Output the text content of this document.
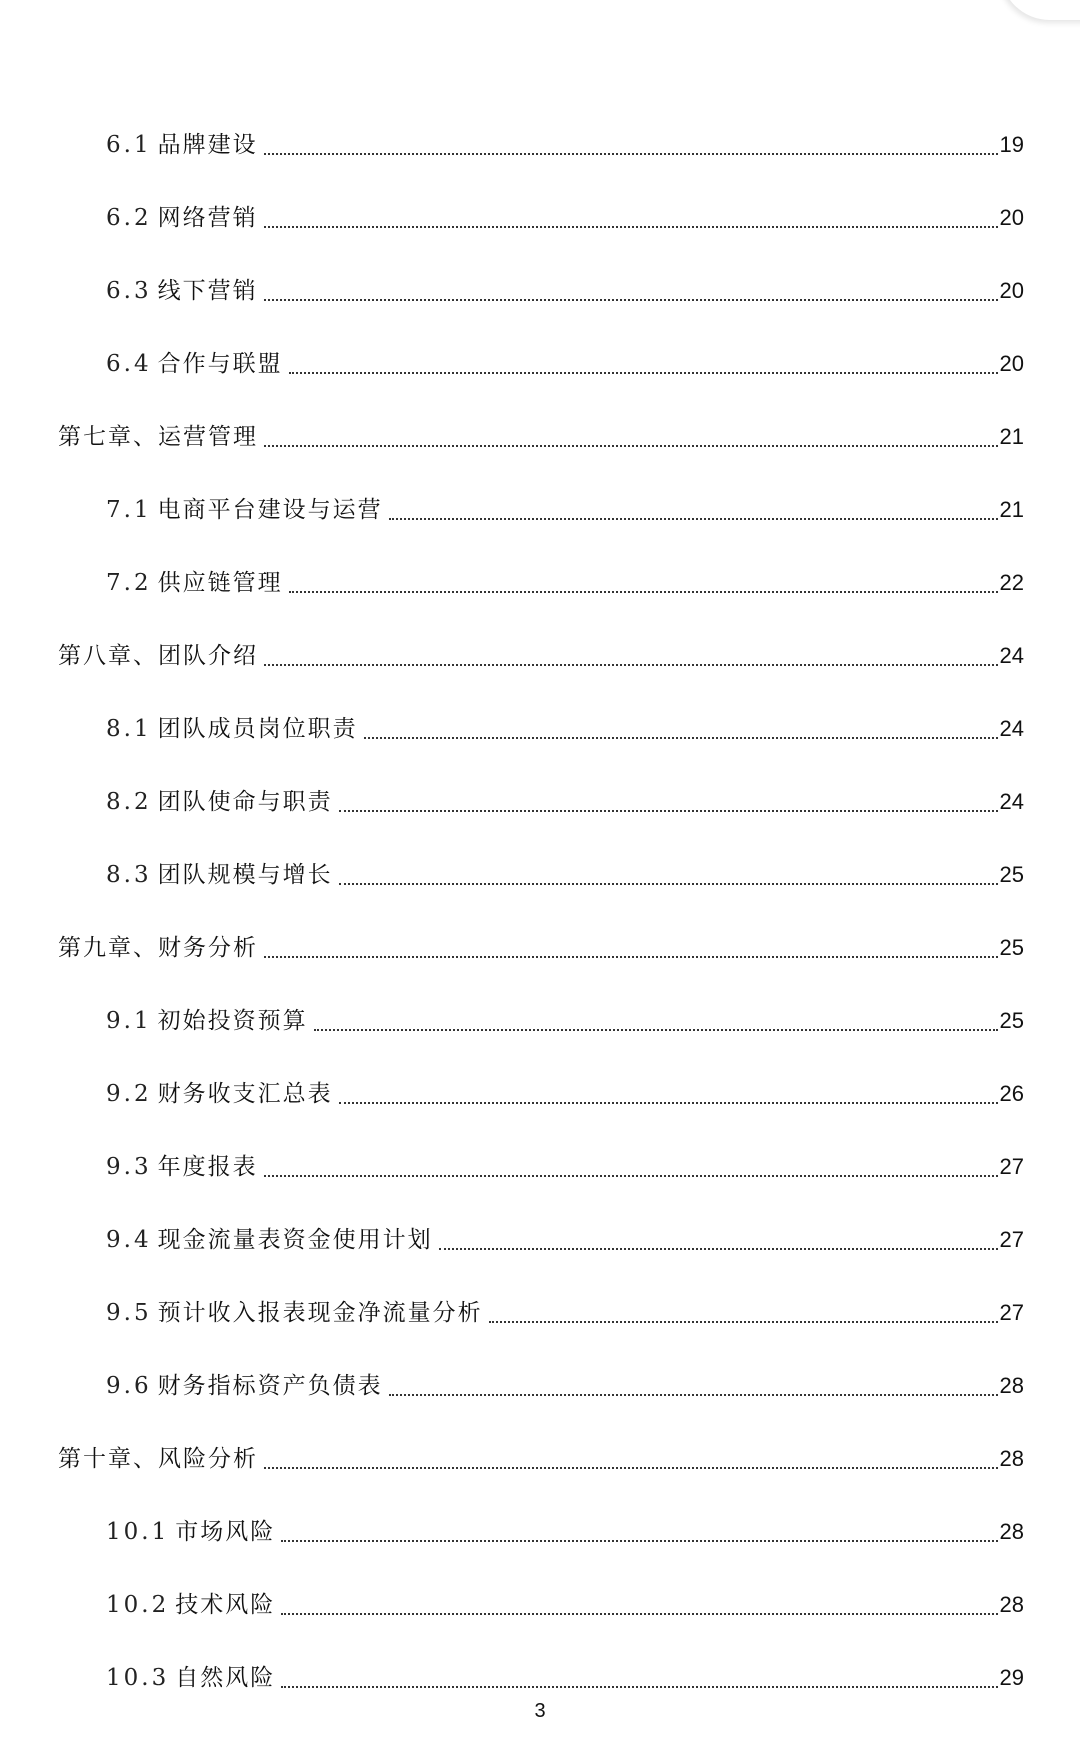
6.1 品牌建设	19
6.2 网络营销	20
6.3 线下营销	20
6.4 合作与联盟	20
第七章、运营管理	21
7.1 电商平台建设与运营	21
7.2 供应链管理	22
第八章、团队介绍	24
8.1 团队成员岗位职责	24
8.2 团队使命与职责	24
8.3 团队规模与增长	25
第九章、财务分析	25
9.1 初始投资预算	25
9.2 财务收支汇总表	26
9.3 年度报表	27
9.4 现金流量表资金使用计划	27
9.5 预计收入报表现金净流量分析	27
9.6 财务指标资产负债表	28
第十章、风险分析	28
10.1 市场风险	28
10.2 技术风险	28
10.3 自然风险	29
3
